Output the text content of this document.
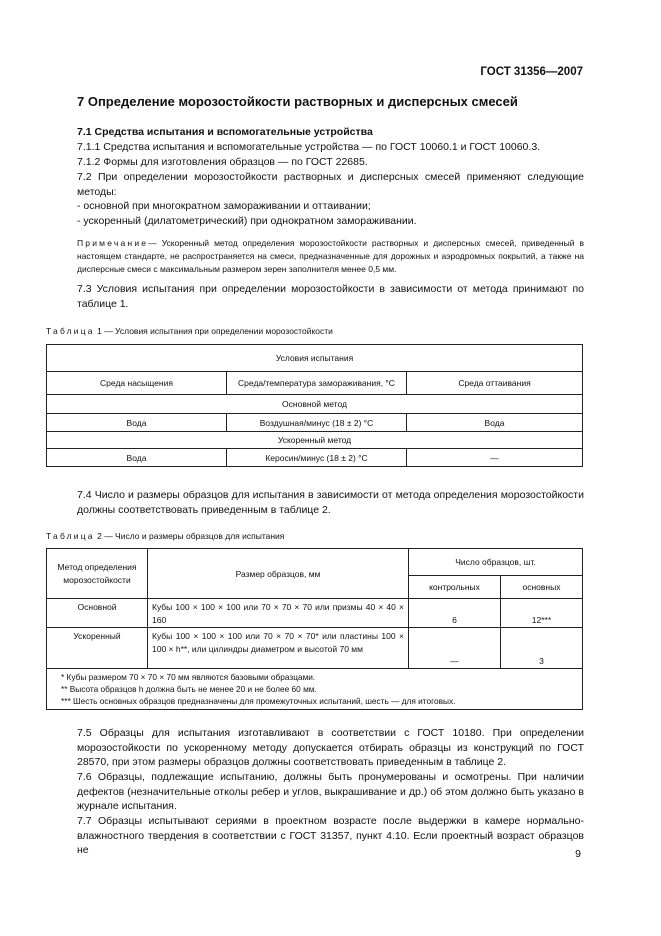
ГОСТ 31356—2007
7 Определение морозостойкости растворных и дисперсных смесей
7.1 Средства испытания и вспомогательные устройства
7.1.1 Средства испытания и вспомогательные устройства — по ГОСТ 10060.1 и ГОСТ 10060.3.
7.1.2 Формы для изготовления образцов — по ГОСТ 22685.
7.2 При определении морозостойкости растворных и дисперсных смесей применяют следующие методы:
- основной при многократном замораживании и оттаивании;
- ускоренный (дилатометрический) при однократном замораживании.
Примечание— Ускоренный метод определения морозостойкости растворных и дисперсных смесей, приведенный в настоящем стандарте, не распространяется на смеси, предназначенные для дорожных и аэродромных покрытий, а также на дисперсные смеси с максимальным размером зерен заполнителя менее 0,5 мм.
7.3 Условия испытания при определении морозостойкости в зависимости от метода принимают по таблице 1.
Таблица 1 — Условия испытания при определении морозостойкости
Условия испытания		
Среда насыщения	Среда/температура замораживания, °С	Среда оттаивания
Основной метод		
Вода	Воздушная/минус (18 ± 2) °С	Вода
Ускоренный метод		
Вода	Керосин/минус (18 ± 2) °С	—
7.4 Число и размеры образцов для испытания в зависимости от метода определения морозостойкости должны соответствовать приведенным в таблице 2.
Таблица 2 — Число и размеры образцов для испытания
Метод определения морозостойкости	Размер образцов, мм	Число образцов, шт.	
		контрольных	основных
Основной	Кубы 100 × 100 × 100 или 70 × 70 × 70 или призмы 40 × 40 × 160	6	12***
Ускоренный	Кубы 100 × 100 × 100 или 70 × 70 × 70* или пластины 100 × 100 × h**, или цилиндры диаметром и высотой 70 мм	—	3

* Кубы размером 70 × 70 × 70 мм являются базовыми образцами.
** Высота образцов h должна быть не менее 20 и не более 60 мм.
*** Шесть основных образцов предназначены для промежуточных испытаний, шесть — для итоговых.			
7.5 Образцы для испытания изготавливают в соответствии с ГОСТ 10180. При определении морозостойкости по ускоренному методу допускается отбирать образцы из конструкций по ГОСТ 28570, при этом размеры образцов должны соответствовать приведенным в таблице 2.
7.6 Образцы, подлежащие испытанию, должны быть пронумерованы и осмотрены. При наличии дефектов (незначительные отколы ребер и углов, выкрашивание и др.) об этом должно быть указано в журнале испытания.
7.7 Образцы испытывают сериями в проектном возрасте после выдержки в камере нормально-влажностного твердения в соответствии с ГОСТ 31357, пункт 4.10. Если проектный возраст образцов не	9
